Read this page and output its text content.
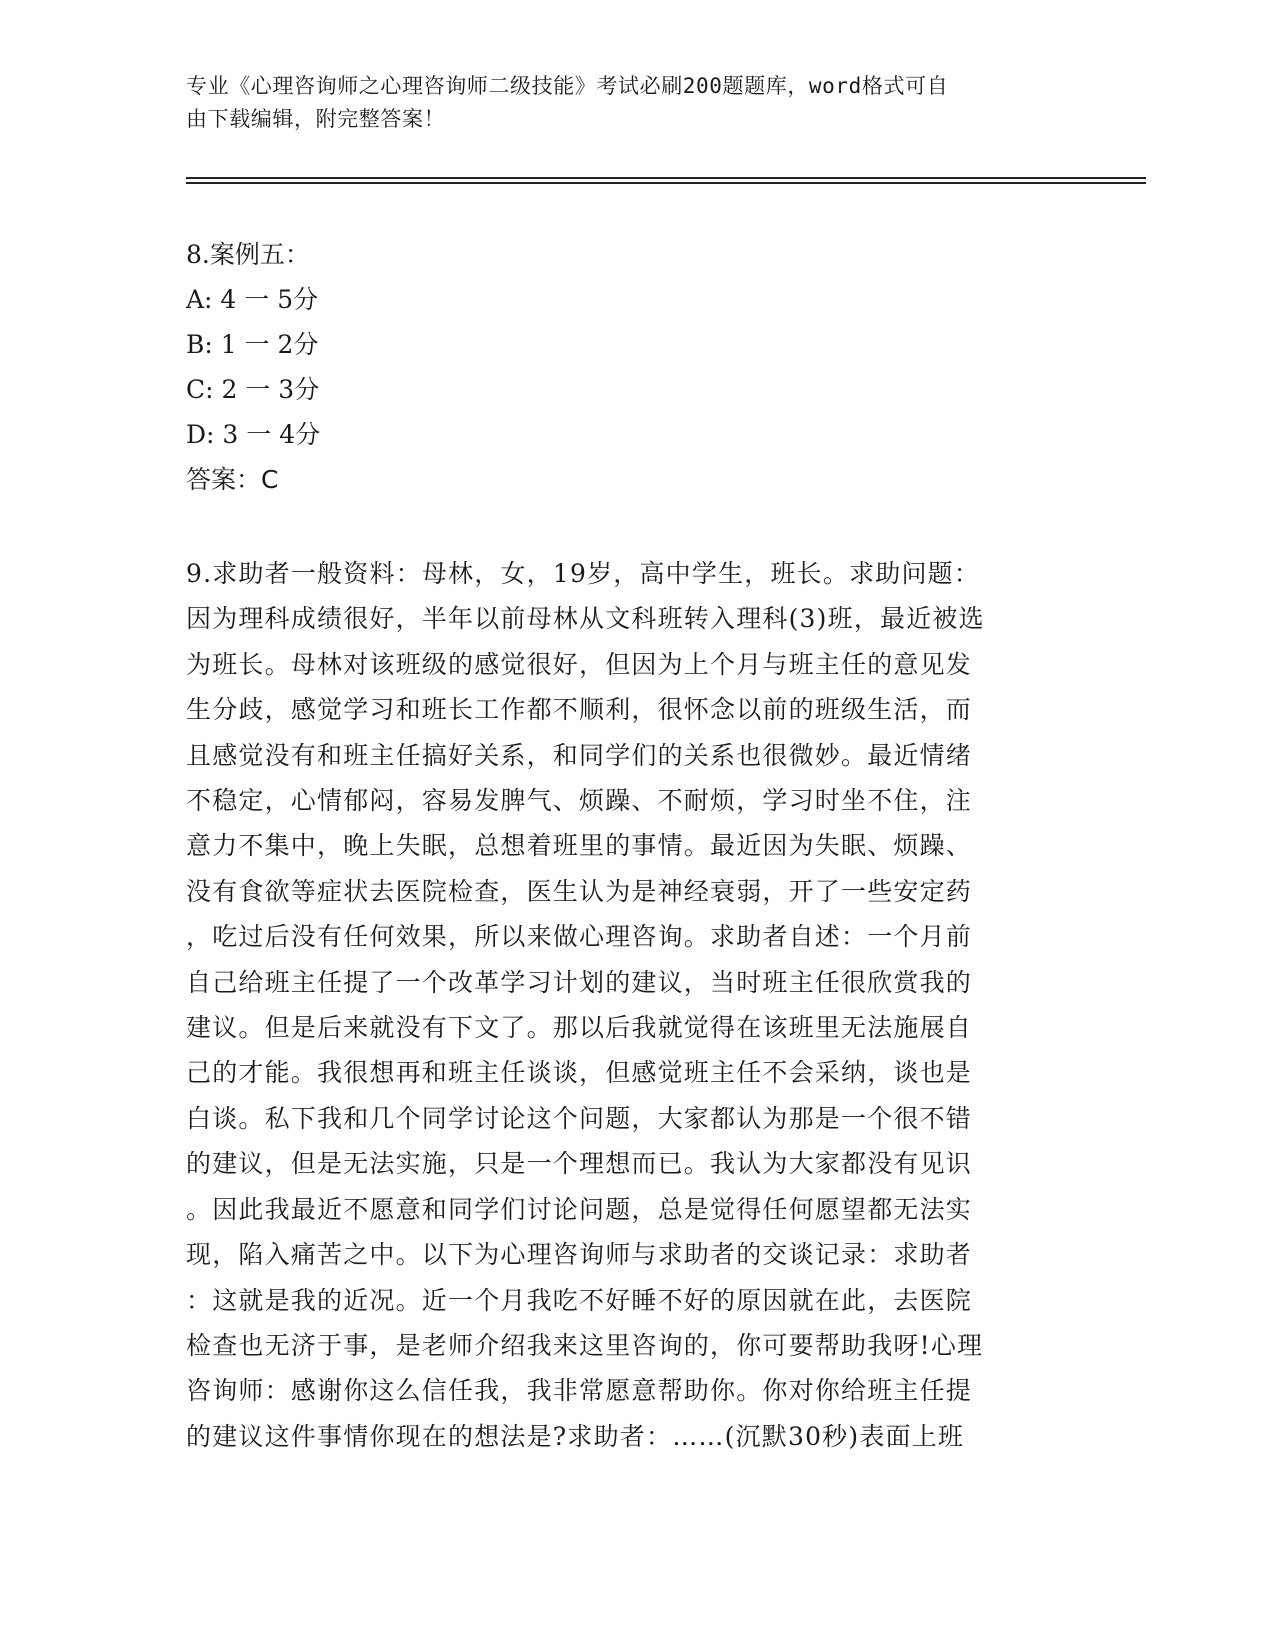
专业《心理咨询师之心理咨询师二级技能》考试必刷200题题库，word格式可自
由下载编辑，附完整答案！
8.案例五：
A: 4 一 5分
B: 1 一 2分
C: 2 一 3分
D: 3 一 4分
答案：C
9.求助者一般资料：母林，女，19岁，高中学生，班长。求助问题：
因为理科成绩很好，半年以前母林从文科班转入理科(3)班，最近被选
为班长。母林对该班级的感觉很好，但因为上个月与班主任的意见发
生分歧，感觉学习和班长工作都不顺利，很怀念以前的班级生活，而
且感觉没有和班主任搞好关系，和同学们的关系也很微妙。最近情绪
不稳定，心情郁闷，容易发脾气、烦躁、不耐烦，学习时坐不住，注
意力不集中，晚上失眠，总想着班里的事情。最近因为失眠、烦躁、
没有食欲等症状去医院检查，医生认为是神经衰弱，开了一些安定药
，吃过后没有任何效果，所以来做心理咨询。求助者自述：一个月前
自己给班主任提了一个改革学习计划的建议，当时班主任很欣赏我的
建议。但是后来就没有下文了。那以后我就觉得在该班里无法施展自
己的才能。我很想再和班主任谈谈，但感觉班主任不会采纳，谈也是
白谈。私下我和几个同学讨论这个问题，大家都认为那是一个很不错
的建议，但是无法实施，只是一个理想而已。我认为大家都没有见识
。因此我最近不愿意和同学们讨论问题，总是觉得任何愿望都无法实
现，陷入痛苦之中。以下为心理咨询师与求助者的交谈记录：求助者
：这就是我的近况。近一个月我吃不好睡不好的原因就在此，去医院
检查也无济于事，是老师介绍我来这里咨询的，你可要帮助我呀!心理
咨询师：感谢你这么信任我，我非常愿意帮助你。你对你给班主任提
的建议这件事情你现在的想法是?求助者：……(沉默30秒)表面上班
